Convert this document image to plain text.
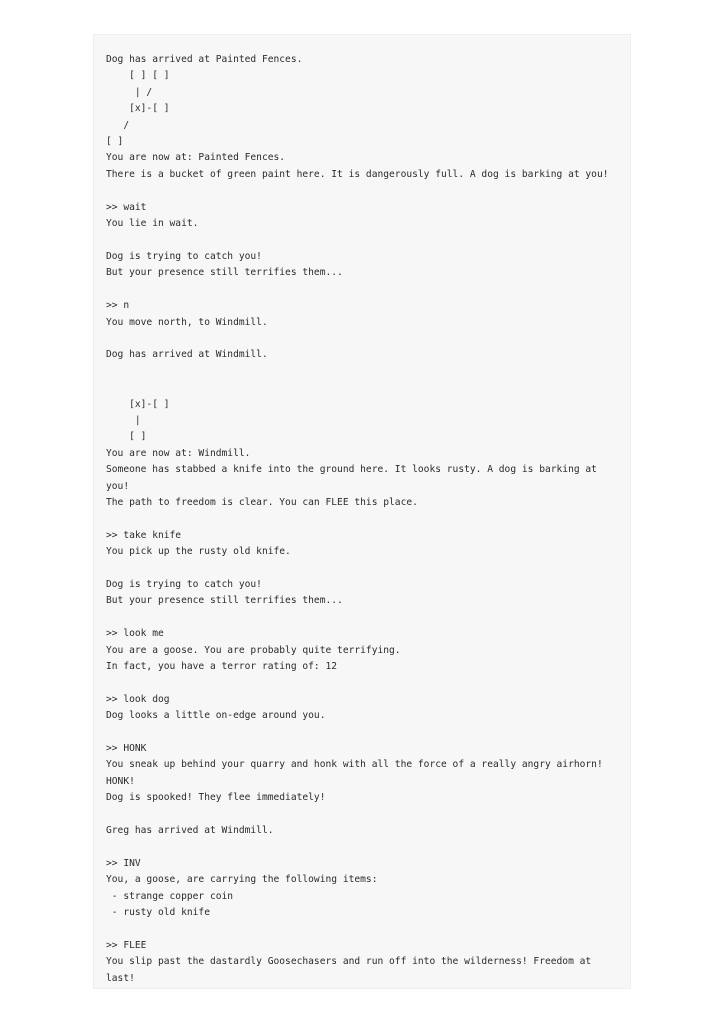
Dog has arrived at Painted Fences.
[ ] [ ]
| /
[x]-[ ]
/
[ ]
You are now at: Painted Fences.
There is a bucket of green paint here. It is dangerously full. A dog is barking at you!

>> wait
You lie in wait.

Dog is trying to catch you!
But your presence still terrifies them...

>> n
You move north, to Windmill.

Dog has arrived at Windmill.

[x]-[ ]
|
[ ]
You are now at: Windmill.
Someone has stabbed a knife into the ground here. It looks rusty. A dog is barking at
you!
The path to freedom is clear. You can FLEE this place.

>> take knife
You pick up the rusty old knife.

Dog is trying to catch you!
But your presence still terrifies them...

>> look me
You are a goose. You are probably quite terrifying.
In fact, you have a terror rating of: 12

>> look dog
Dog looks a little on-edge around you.

>> HONK
You sneak up behind your quarry and honk with all the force of a really angry airhorn!
HONK!
Dog is spooked! They flee immediately!

Greg has arrived at Windmill.

>> INV
You, a goose, are carrying the following items:
- strange copper coin
- rusty old knife

>> FLEE
You slip past the dastardly Goosechasers and run off into the wilderness! Freedom at
last!
